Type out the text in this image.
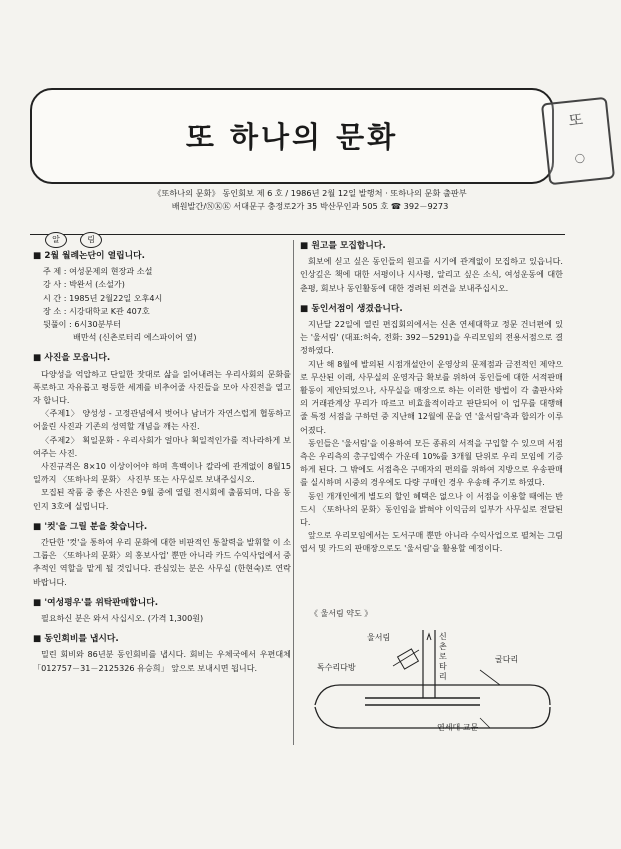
또 하나의 문화	또
◯
《또하나의 문화》 동인회보 제 6 호 / 1986년 2월 12일 발행처 · 또하나의 문화 출판부
배원발간/ⓃⓀⓀ 서대문구 충정로2가 35 박산무인과 505 호 ☎ 392－9273
알	림
■ 2월 월례논단이 열립니다.
주 제 : 여성문제의 현장과 소설
강 사 : 박완서 (소설가)
시 간 : 1985년 2월22일 오후4시
장 소 : 시강대학교 K관 407호
뒷풀이 : 6시30분부터
배만석 (신촌로터리 에스파이어 옆)
■ 사진을 모읍니다.
다양성을 억압하고 단일한 잣대로 삶을 읽어내려는 우리사회의 문화를 폭로하고 자유롭고 평등한 세계를 비추어줄 사진들을 모아 사진전을 열고자 합니다.
〈주제1〉 양성성 - 고정관념에서 벗어나 남녀가 자연스럽게 협동하고 어울린 사진과 기존의 성역할 개념을 깨는 사진.
〈주제2〉 획일문화 - 우리사회가 얼마나 획일적인가를 적나라하게 보여주는 사진.
사진규격은 8×10 이상이어야 하며 흑백이나 칼라에 관계없이 8월15일까지 〈또하나의 문화〉 사진부 또는 사무실로 보내주십시오.
모집된 작품 중 좋은 사진은 9월 중에 열릴 전시회에 출품되며, 다음 동인지 3호에 실립니다.
■ '컷'을 그릴 분을 찾습니다.
간단한 '컷'을 통하여 우리 문화에 대한 비판적인 통찰력을 발휘할 이 소그룹은 〈또하나의 문화〉의 홍보사업' 뿐만 아니라 카드 수익사업에서 중추적인 역할을 맡게 될 것입니다. 관심있는 분은 사무실 (한현숙)로 연락바랍니다.
■ '여성평우'를 위탁판매합니다.
필요하신 분은 와서 사십시오. (가격 1,300원)
■ 동인회비를 냅시다.
밀린 회비와 86년분 동인회비를 냅시다. 회비는 우체국에서 우편대체 「012757－31－2125326 유승희」 앞으로 보내시면 됩니다.
■ 원고를 모집합니다.
회보에 싣고 싶은 동인들의 원고를 시기에 관계없이 모집하고 있읍니다. 인상깊은 책에 대한 서평이나 시사평, 알리고 싶은 소식, 여성운동에 대한 춘평, 회보나 동인활동에 대한 경려된 의견을 보내주십시오.
■ 동인서점이 생겼읍니다.
지난달 22일에 열린 편집회의에서는 신촌 연세대학교 정문 건너편에 있는 '울서림' (대표:허숙, 전화: 392－5291)을 우리모임의 전용서점으로 결정하였다.
지난 해 8월에 발의된 시점개설안이 운영상의 문제점과 금전적인 제약으로 무산된 이래, 사무실의 운영자금 확보를 위하여 동인들에 대한 서적판매활동이 제안되었으나, 사무실을 매장으로 하는 이러한 방법이 각 출판사와의 거래관계상 무리가 따르고 비효율적이라고 판단되어 이 업무를 대행해 줄 특정 서점을 구하던 중 지난해 12월에 문을 연 '울서림'측과 합의가 이루어졌다.
동인들은 '울서림'을 이용하여 모든 종류의 서적을 구입할 수 있으며 서점측은 우리측의 총구입액수 가운데 10%를 3개월 단위로 우리 모임에 기증하게 된다. 그 밖에도 서점측은 구매자의 편의를 위하여 지방으로 우송판매를 실시하며 시중의 경우에도 다량 구매인 경우 우송해 주기로 하였다.
동인 개개인에게 별도의 할인 혜택은 없으나 이 서점을 이용할 때에는 반드시 〈또하나의 문화〉동인임을 밝혀야 이익금의 일부가 사무실로 전달된다.
앞으로 우리모임에서는 도서구매 뿐만 아니라 수익사업으로 펼쳐는 그림엽서 및 카드의 판매장으로도 '울서림'을 활용할 예정이다.
《 울서림 약도 》
울서림	신촌로타리
독수리다방
굴다리
연세대 교문
